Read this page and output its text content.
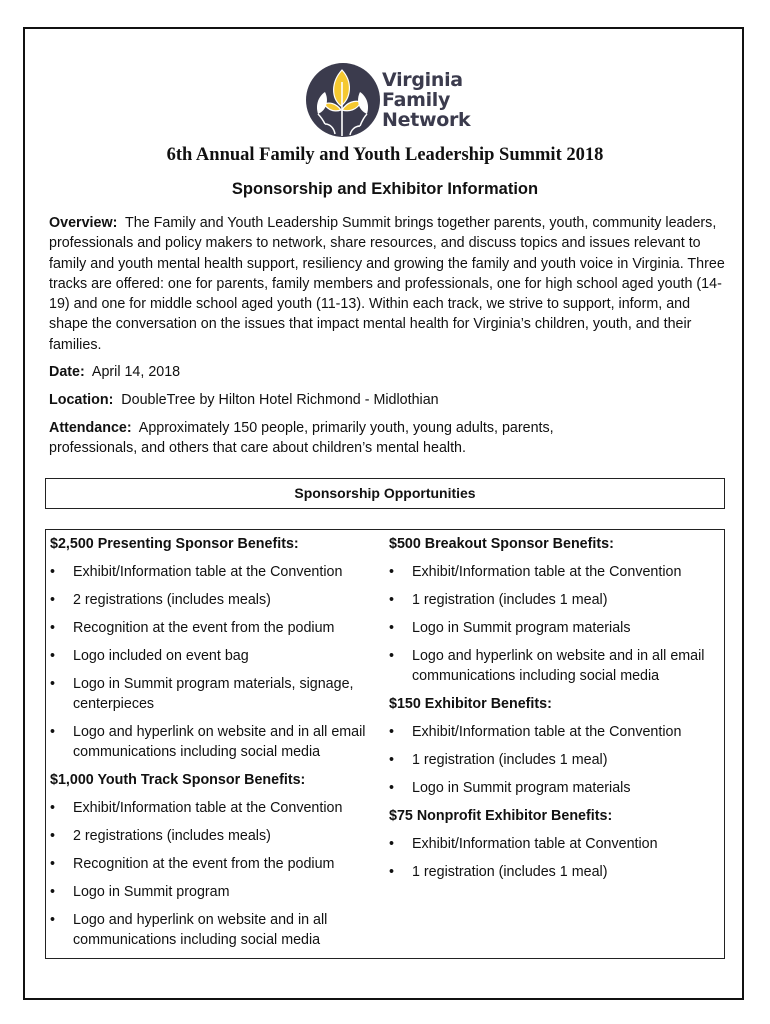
Virginia
Family
Network
6th Annual Family and Youth Leadership Summit 2018
Sponsorship and Exhibitor Information
Overview: The Family and Youth Leadership Summit brings together parents, youth, community leaders, professionals and policy makers to network, share resources, and discuss topics and issues relevant to family and youth mental health support, resiliency and growing the family and youth voice in Virginia. Three tracks are offered: one for parents, family members and professionals, one for high school aged youth (14-19) and one for middle school aged youth (11-13). Within each track, we strive to support, inform, and shape the conversation on the issues that impact mental health for Virginia’s children, youth, and their families.
Date: April 14, 2018
Location: DoubleTree by Hilton Hotel Richmond - Midlothian
Attendance: Approximately 150 people, primarily youth, young adults, parents, professionals, and others that care about children’s mental health.
Sponsorship Opportunities
$2,500 Presenting Sponsor Benefits:
• Exhibit/Information table at the Convention
• 2 registrations (includes meals)
• Recognition at the event from the podium
• Logo included on event bag
• Logo in Summit program materials, signage, centerpieces
• Logo and hyperlink on website and in all email communications including social media
$1,000 Youth Track Sponsor Benefits:
• Exhibit/Information table at the Convention
• 2 registrations (includes meals)
• Recognition at the event from the podium
• Logo in Summit program
• Logo and hyperlink on website and in all communications including social media
$500 Breakout Sponsor Benefits:
• Exhibit/Information table at the Convention
• 1 registration (includes 1 meal)
• Logo in Summit program materials
• Logo and hyperlink on website and in all email communications including social media
$150 Exhibitor Benefits:
• Exhibit/Information table at the Convention
• 1 registration (includes 1 meal)
• Logo in Summit program materials
$75 Nonprofit Exhibitor Benefits:
• Exhibit/Information table at Convention
• 1 registration (includes 1 meal)
